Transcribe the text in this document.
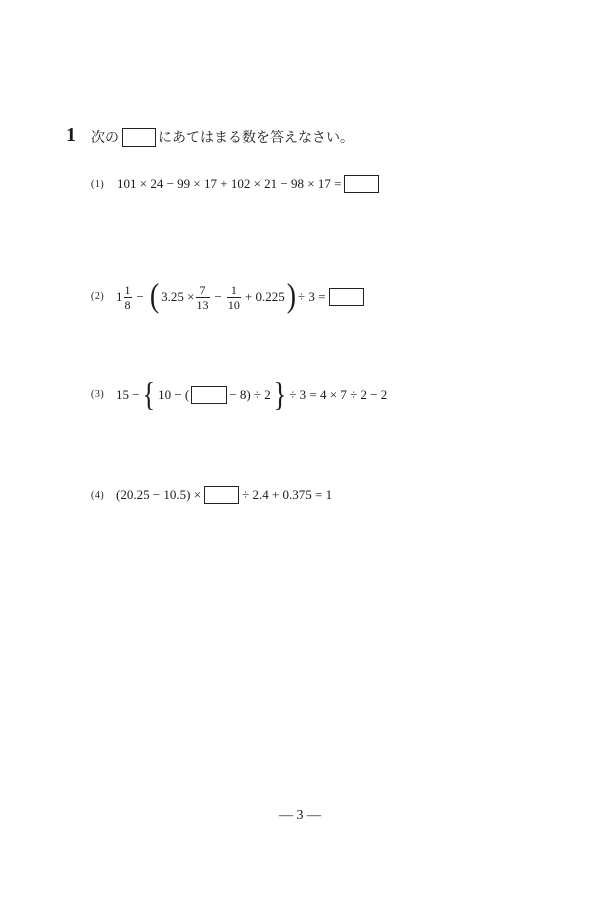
1 次の	にあてはまる数を答えなさい。
(1) 101 × 24 − 99 × 17 + 102 × 21 − 98 × 17 =
(2) $1 \frac{1}{8}$ − ( $3.25 \times \frac{7}{13} - \frac{1}{10} + 0.225$ ) ÷ 3 =
(3) 15 − { 10 − (	− 8) ÷ 2 } ÷ 3 = 4 × 7 ÷ 2 − 2
(4) (20.25 − 10.5) ×	÷ 2.4 + 0.375 = 1
— 3 —
